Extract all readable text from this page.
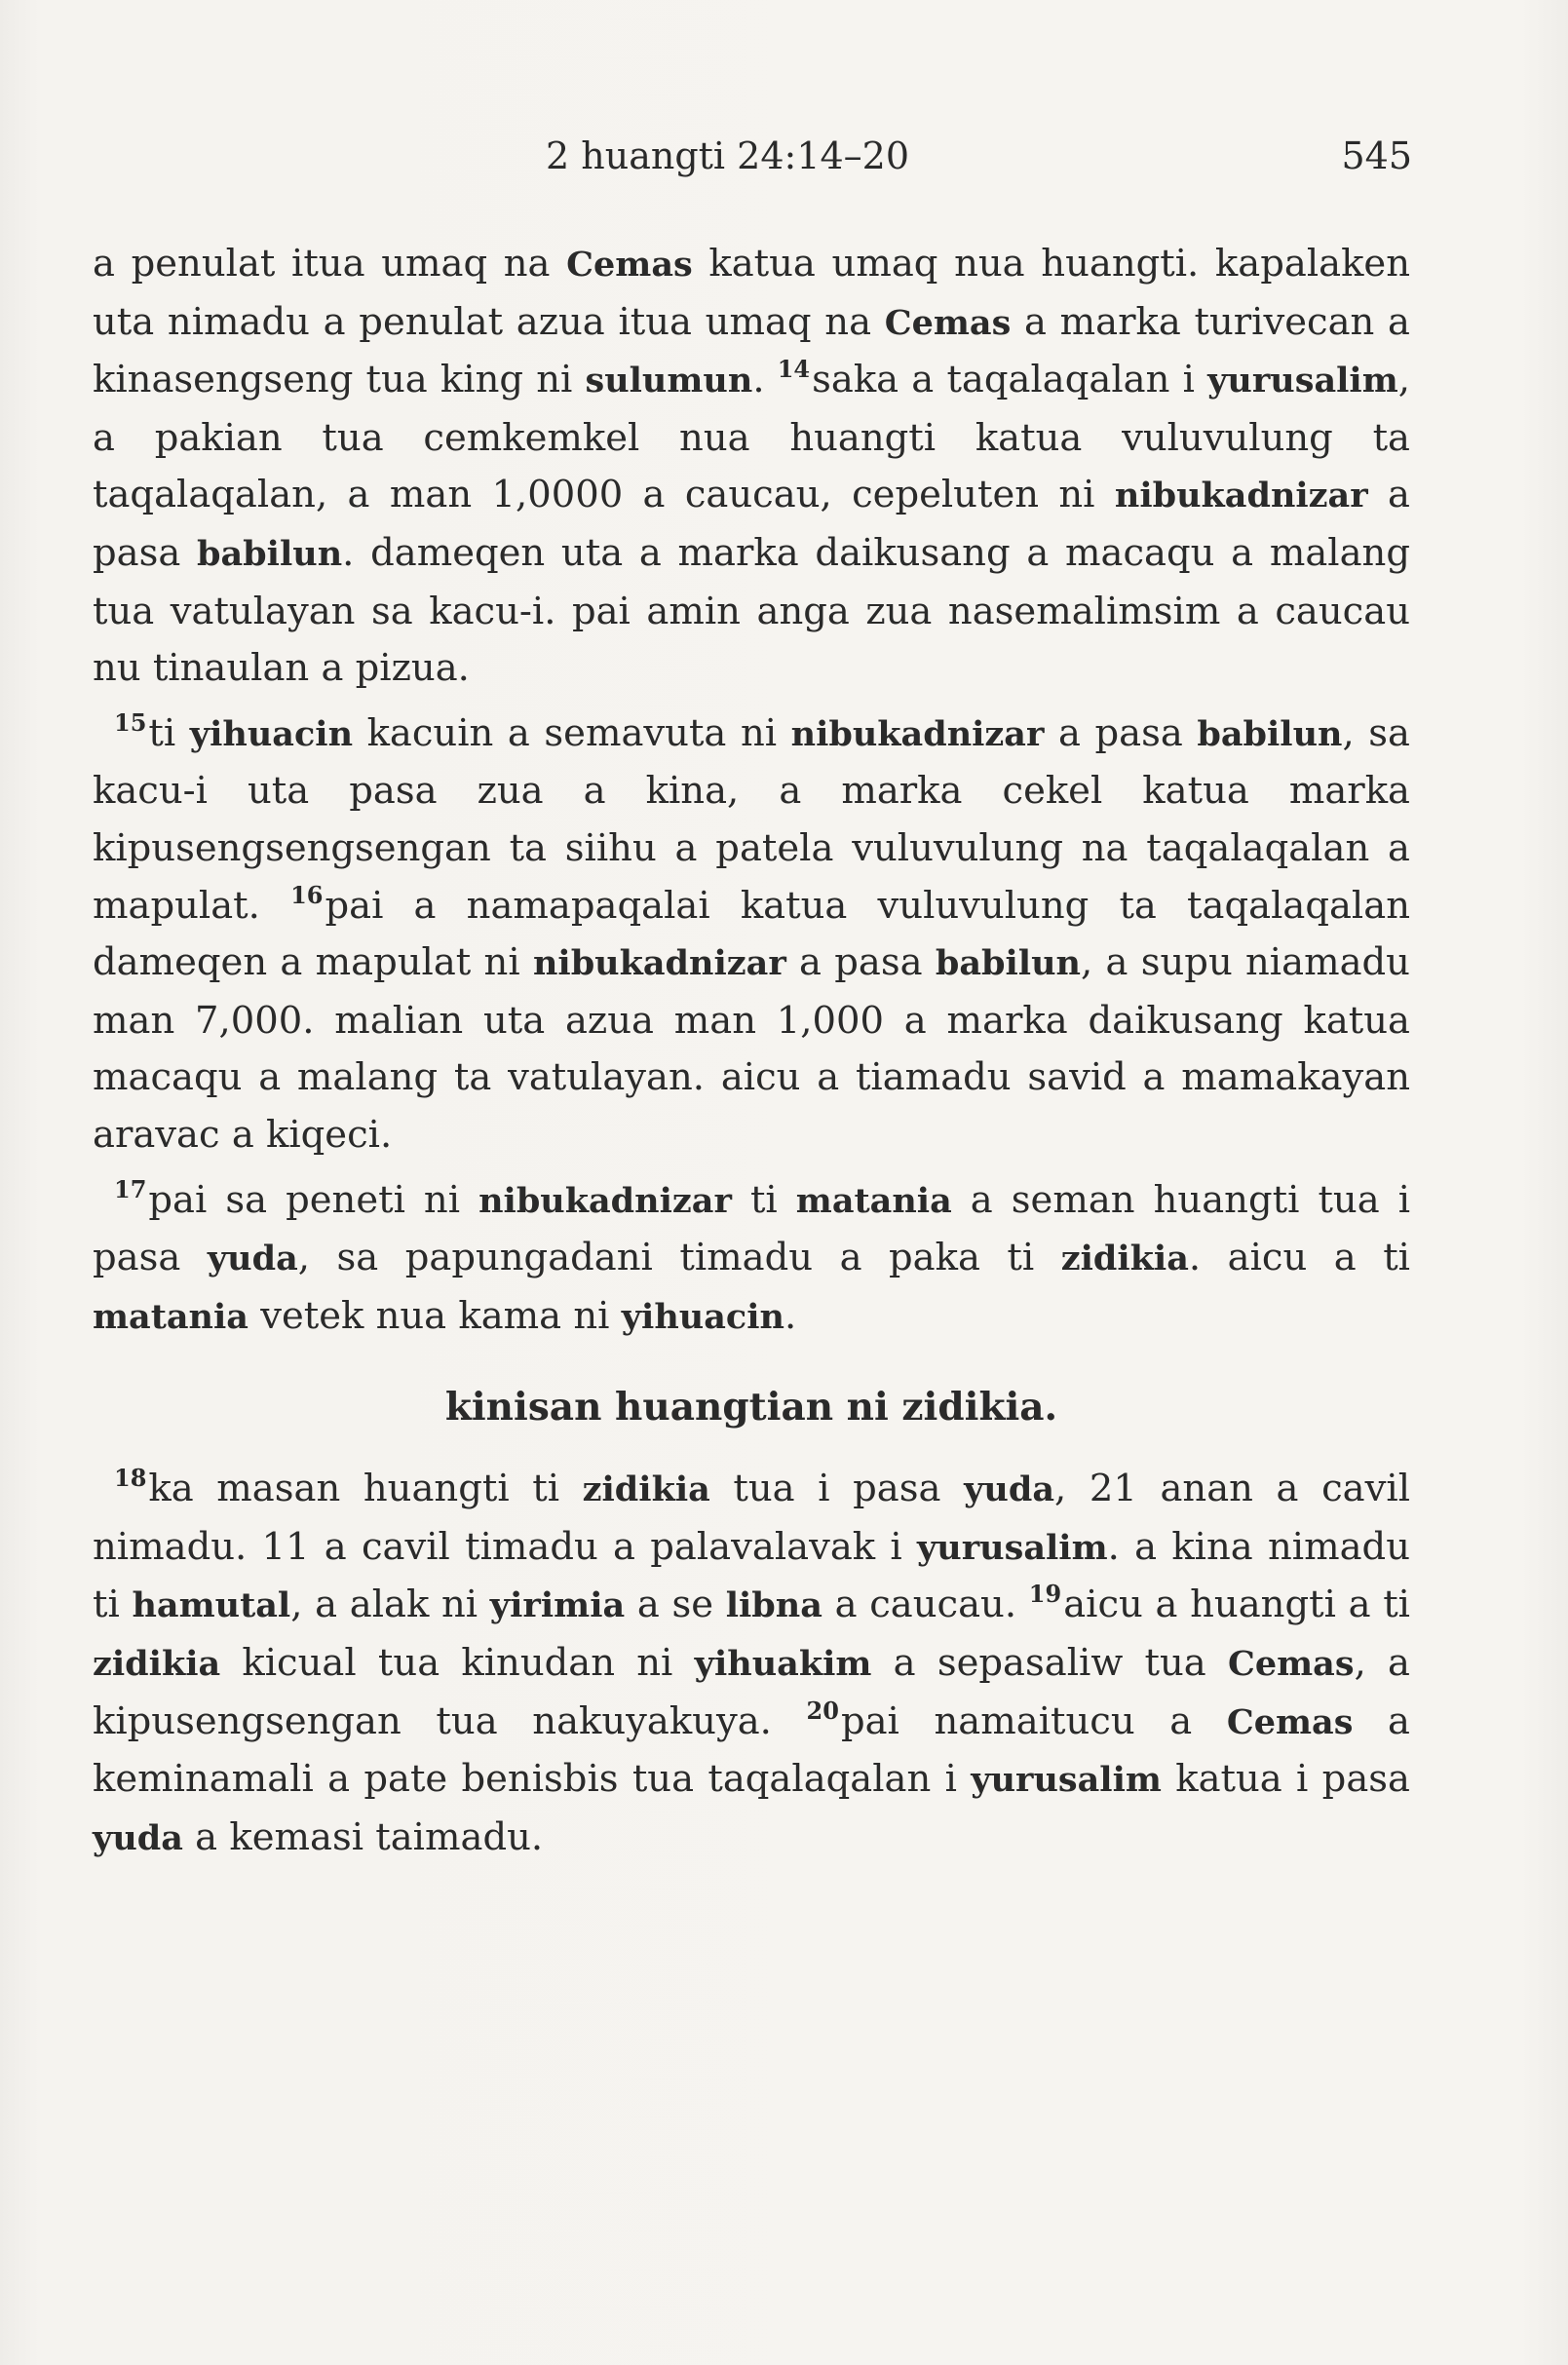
2 huangti 24:14–20	545

a penulat itua umaq na Cemas katua umaq nua huangti. kapalaken uta nimadu a penulat azua itua umaq na Cemas a marka turivecan a kinasengseng tua king ni sulumun. $^{14}$saka a taqalaqalan i yurusalim, a pakian tua cemkemkel nua huangti katua vuluvulung ta taqalaqalan, a man 1,0000 a caucau, cepeluten ni nibukadnizar a pasa babilun. dameqen uta a marka daikusang a macaqu a malang tua vatulayan sa kacu-i. pai amin anga zua nasemalimsim a caucau nu tinaulan a pizua.

$^{15}$ti yihuacin kacuin a semavuta ni nibukadnizar a pasa babilun, sa kacu-i uta pasa zua a kina, a marka cekel katua marka kipusengsengsengan ta siihu a patela vuluvulung na taqalaqalan a mapulat. $^{16}$pai a namapaqalai katua vuluvulung ta taqalaqalan dameqen a mapulat ni nibukadnizar a pasa babilun, a supu niamadu man 7,000. malian uta azua man 1,000 a marka daikusang katua macaqu a malang ta vatulayan. aicu a tiamadu savid a mamakayan aravac a kiqeci.

$^{17}$pai sa peneti ni nibukadnizar ti matania a seman huangti tua i pasa yuda, sa papungadani timadu a paka ti zidikia. aicu a ti matania vetek nua kama ni yihuacin.

kinisan huangtian ni zidikia.

$^{18}$ka masan huangti ti zidikia tua i pasa yuda, 21 anan a cavil nimadu. 11 a cavil timadu a palavalavak i yurusalim. a kina nimadu ti hamutal, a alak ni yirimia a se libna a caucau. $^{19}$aicu a huangti a ti zidikia kicual tua kinudan ni yihuakim a sepasaliw tua Cemas, a kipusengsengan tua nakuyakuya. $^{20}$pai namaitucu a Cemas a keminamali a pate benisbis tua taqalaqalan i yurusalim katua i pasa yuda a kemasi taimadu.
